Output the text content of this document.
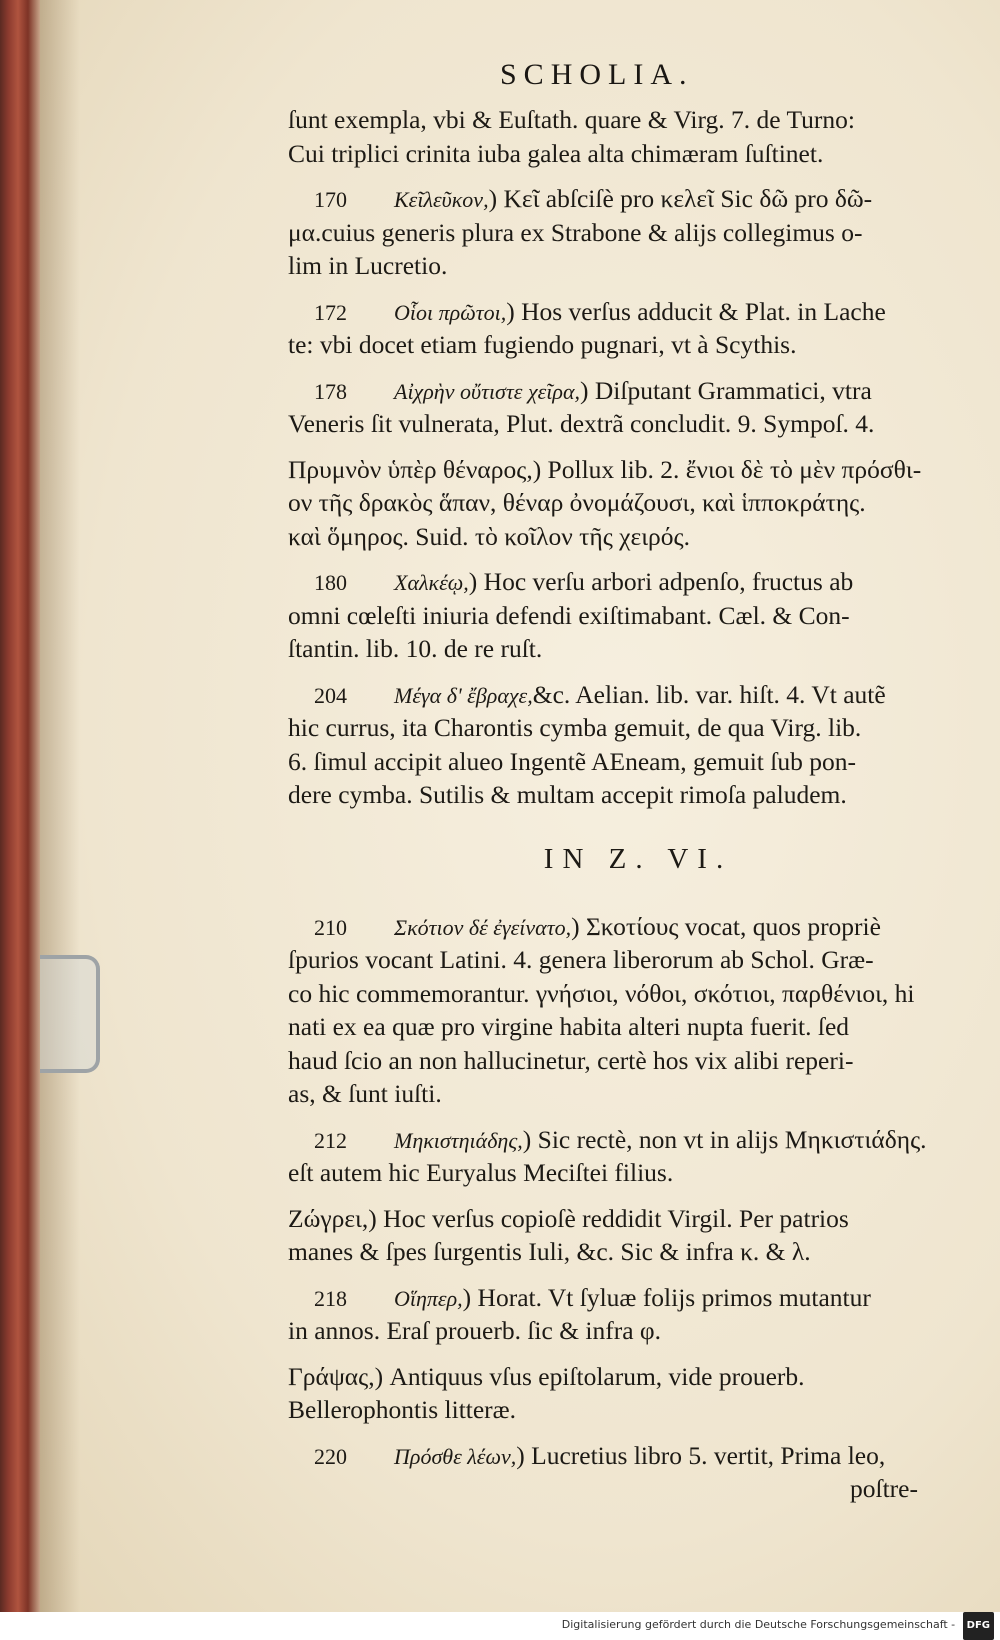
SCHOLIA.
ſunt exempla, vbi & Euſtath. quare & Virg. 7. de Turno:
Cui triplici crinita iuba galea alta chimæram ſuſtinet.
170 Κεῖλεῦκον,) Κεῖ abſciſè pro κελεῖ Sic δῶ pro δῶ-
μα.cuius generis plura ex Strabone & alijs collegimus o-
lim in Lucretio.
172 Οἷοι πρῶτοι,) Hos verſus adducit & Plat. in Lache
te: vbi docet etiam fugiendo pugnari, vt à Scythis.
178 Αἰχρὴν οὔτιστε χεῖρα,) Diſputant Grammatici, vtra
Veneris ſit vulnerata, Plut. dextrã concludit. 9. Sympoſ. 4.
Πρυμνὸν ὑπὲρ θέναρος,) Pollux lib. 2. ἔνιοι δὲ τὸ μὲν πρόσθι-
ον τῆς δρακὸς ἅπαν, θέναρ ὀνομάζουσι, καὶ ἱπποκράτης.
καὶ ὅμηρος. Suid. τὸ κοῖλον τῆς χειρός.
180 Χαλκέῳ,) Hoc verſu arbori adpenſo, fructus ab
omni cœleſti iniuria defendi exiſtimabant. Cæl. & Con-
ſtantin. lib. 10. de re ruſt.
204 Μέγα δ' ἔβραχε,&c. Aelian. lib. var. hiſt. 4. Vt autẽ
hic currus, ita Charontis cymba gemuit, de qua Virg. lib.
6. ſimul accipit alueo Ingentẽ AEneam, gemuit ſub pon-
dere cymba. Sutilis & multam accepit rimoſa paludem.
IN Z. VI.
210 Σκότιον δέ ἐγείνατο,) Σκοτίους vocat, quos propriè
ſpurios vocant Latini. 4. genera liberorum ab Schol. Græ-
co hic commemorantur. γνήσιοι, νόθοι, σκότιοι, παρθένιοι, hi
nati ex ea quæ pro virgine habita alteri nupta fuerit. ſed
haud ſcio an non hallucinetur, certè hos vix alibi reperi-
as, & ſunt iuſti.
212 Μηκιστηιάδης,) Sic rectè, non vt in alijs Μηκιστιάδης.
eſt autem hic Euryalus Meciſtei filius.
Ζώγρει,) Hoc verſus copioſè reddidit Virgil. Per patrios
manes & ſpes ſurgentis Iuli, &c. Sic & infra κ. & λ.
218 Οἵηπερ,) Horat. Vt ſyluæ folijs primos mutantur
in annos. Eraſ prouerb. ſic & infra φ.
Γράψας,) Antiquus vſus epiſtolarum, vide prouerb.
Bellerophontis litteræ.
220 Πρόσθε λέων,) Lucretius libro 5. vertit, Prima leo,
poſtre-
Digitalisierung gefördert durch die Deutsche Forschungsgemeinschaft - DFG
